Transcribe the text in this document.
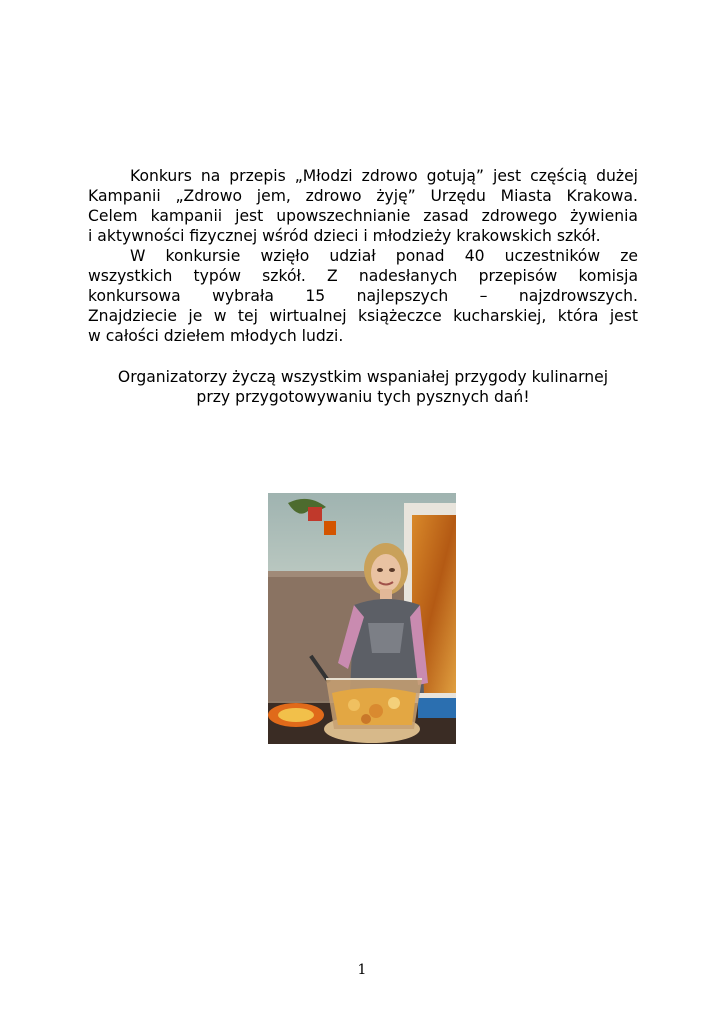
Konkurs na przepis „Młodzi zdrowo gotują” jest częścią dużej
Kampanii „Zdrowo jem, zdrowo żyję” Urzędu Miasta Krakowa.
Celem kampanii jest upowszechnianie zasad zdrowego żywienia
i aktywności fizycznej wśród dzieci i młodzieży krakowskich szkół.
W konkursie wzięło udział ponad 40 uczestników ze
wszystkich typów szkół. Z nadesłanych przepisów komisja
konkursowa wybrała 15 najlepszych – najzdrowszych.
Znajdziecie je w tej wirtualnej książeczce kucharskiej, która jest
w całości dziełem młodych ludzi.
Organizatorzy życzą wszystkim wspaniałej przygody kulinarnej
przy przygotowywaniu tych pysznych dań!
1
